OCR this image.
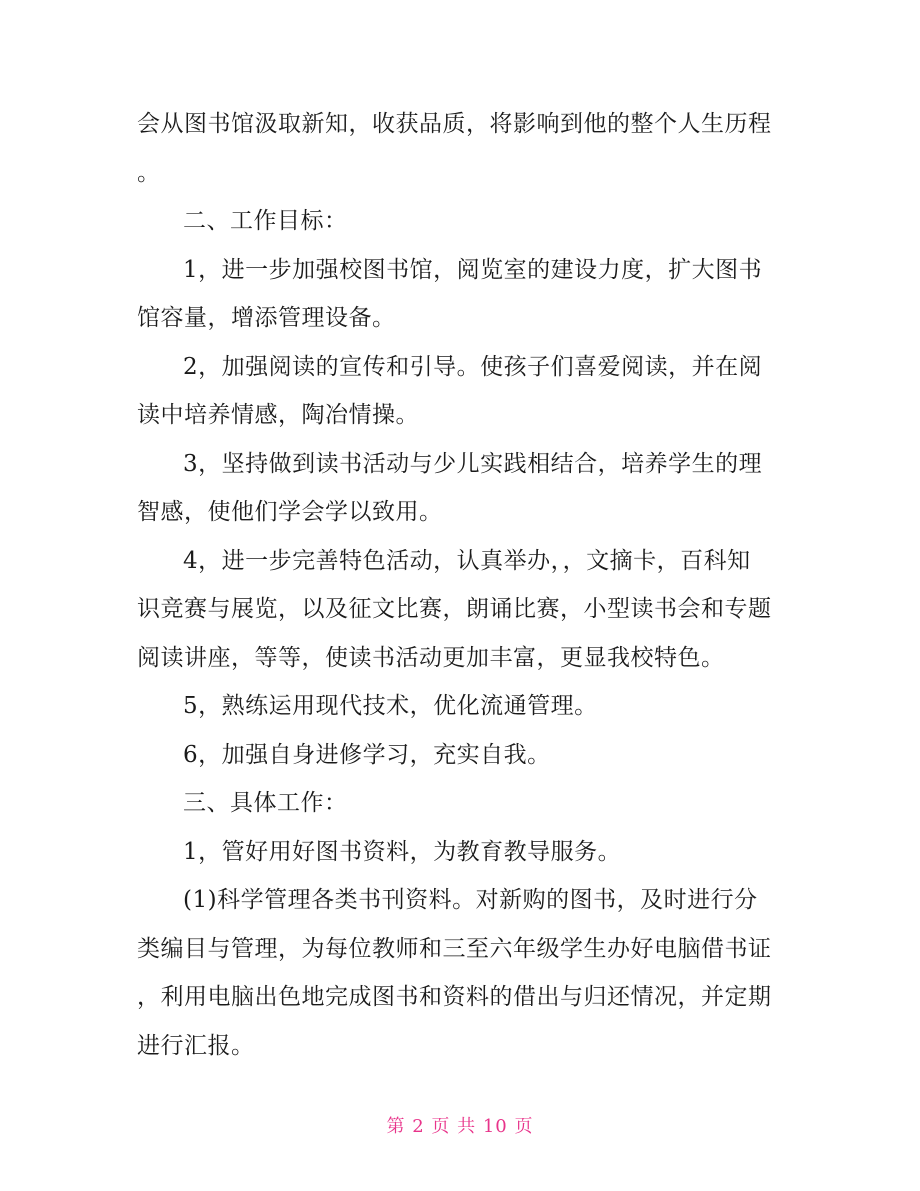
会从图书馆汲取新知，收获品质，将影响到他的整个人生历程
。
二、工作目标：
1，进一步加强校图书馆，阅览室的建设力度，扩大图书
馆容量，增添管理设备。
2，加强阅读的宣传和引导。使孩子们喜爱阅读，并在阅
读中培养情感，陶冶情操。
3，坚持做到读书活动与少儿实践相结合，培养学生的理
智感，使他们学会学以致用。
4，进一步完善特色活动，认真举办，，文摘卡，百科知
识竞赛与展览，以及征文比赛，朗诵比赛，小型读书会和专题
阅读讲座，等等，使读书活动更加丰富，更显我校特色。
5，熟练运用现代技术，优化流通管理。
6，加强自身进修学习，充实自我。
三、具体工作：
1，管好用好图书资料，为教育教导服务。
(1)科学管理各类书刊资料。对新购的图书，及时进行分
类编目与管理，为每位教师和三至六年级学生办好电脑借书证
，利用电脑出色地完成图书和资料的借出与归还情况，并定期
进行汇报。
第 2 页 共 10 页
